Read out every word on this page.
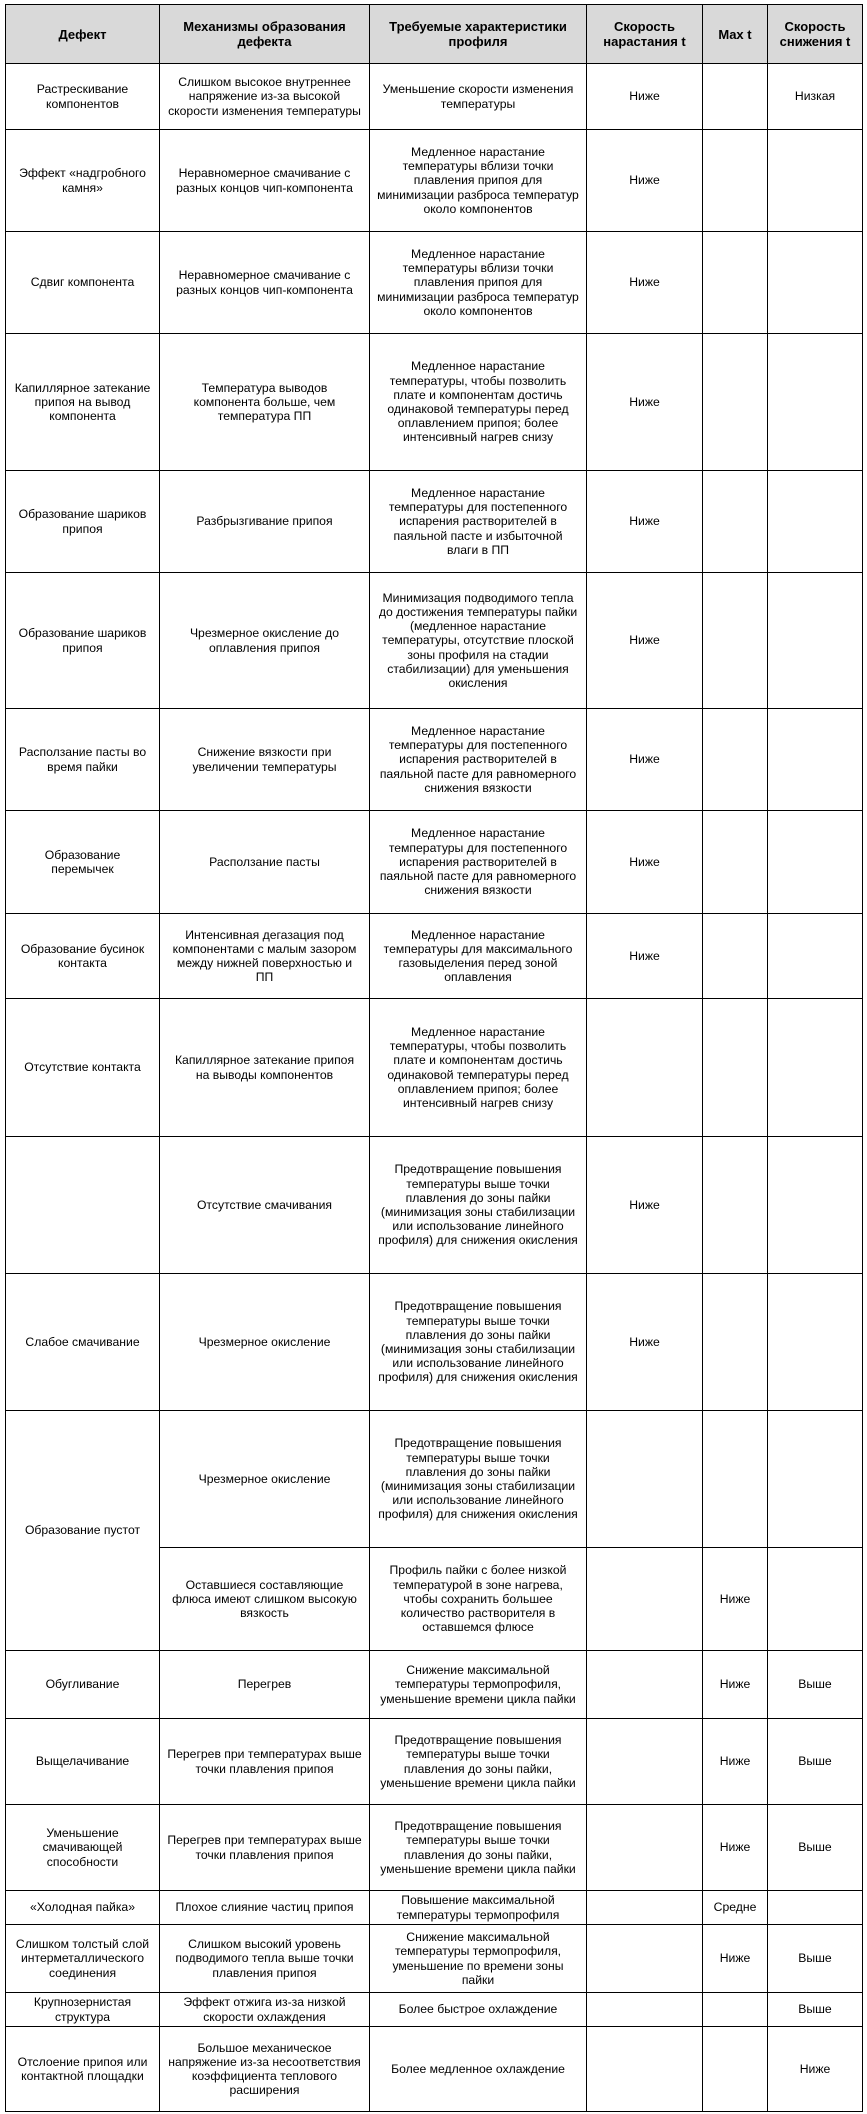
Дефект	Механизмы образования дефекта	Требуемые характеристики профиля	Скорость нарастания t	Max t	Скорость снижения t
Растрескивание компонентов	Слишком высокое внутреннее напряжение из-за высокой скорости изменения температуры	Уменьшение скорости изменения температуры	Ниже		Низкая
Эффект «надгробного камня»	Неравномерное смачивание с разных концов чип-компонента	Медленное нарастание температуры вблизи точки плавления припоя для минимизации разброса температур около компонентов	Ниже		
Сдвиг компонента	Неравномерное смачивание с разных концов чип-компонента	Медленное нарастание температуры вблизи точки плавления припоя для минимизации разброса температур около компонентов	Ниже		
Капиллярное затекание припоя на вывод компонента	Температура выводов компонента больше, чем температура ПП	Медленное нарастание температуры, чтобы позволить плате и компонентам достичь одинаковой температуры перед оплавлением припоя; более интенсивный нагрев снизу	Ниже		
Образование шариков припоя	Разбрызгивание припоя	Медленное нарастание температуры для постепенного испарения растворителей в паяльной пасте и избыточной влаги в ПП	Ниже		
Образование шариков припоя	Чрезмерное окисление до оплавления припоя	Минимизация подводимого тепла до достижения температуры пайки (медленное нарастание температуры, отсутствие плоской зоны профиля на стадии стабилизации) для уменьшения окисления	Ниже		
Расползание пасты во время пайки	Снижение вязкости при увеличении температуры	Медленное нарастание температуры для постепенного испарения растворителей в паяльной пасте для равномерного снижения вязкости	Ниже		
Образование перемычек	Расползание пасты	Медленное нарастание температуры для постепенного испарения растворителей в паяльной пасте для равномерного снижения вязкости	Ниже		
Образование бусинок контакта	Интенсивная дегазация под компонентами с малым зазором между нижней поверхностью и ПП	Медленное нарастание температуры для максимального газовыделения перед зоной оплавления	Ниже		
Отсутствие контакта	Капиллярное затекание припоя на выводы компонентов	Медленное нарастание температуры, чтобы позволить плате и компонентам достичь одинаковой температуры перед оплавлением припоя; более интенсивный нагрев снизу			
	Отсутствие смачивания	Предотвращение повышения температуры выше точки плавления до зоны пайки (минимизация зоны стабилизации или использование линейного профиля) для снижения окисления	Ниже		
Слабое смачивание	Чрезмерное окисление	Предотвращение повышения температуры выше точки плавления до зоны пайки (минимизация зоны стабилизации или использование линейного профиля) для снижения окисления	Ниже		
Образование пустот	Чрезмерное окисление	Предотвращение повышения температуры выше точки плавления до зоны пайки (минимизация зоны стабилизации или использование линейного профиля) для снижения окисления			
	Оставшиеся составляющие флюса имеют слишком высокую вязкость	Профиль пайки с более низкой температурой в зоне нагрева, чтобы сохранить большее количество растворителя в оставшемся флюсе		Ниже	
Обугливание	Перегрев	Снижение максимальной температуры термопрофиля, уменьшение времени цикла пайки		Ниже	Выше
Выщелачивание	Перегрев при температурах выше точки плавления припоя	Предотвращение повышения температуры выше точки плавления до зоны пайки, уменьшение времени цикла пайки		Ниже	Выше
Уменьшение смачивающей способности	Перегрев при температурах выше точки плавления припоя	Предотвращение повышения температуры выше точки плавления до зоны пайки, уменьшение времени цикла пайки		Ниже	Выше
«Холодная пайка»	Плохое слияние частиц припоя	Повышение максимальной температуры термопрофиля		Средне	
Слишком толстый слой интерметаллического соединения	Слишком высокий уровень подводимого тепла выше точки плавления припоя	Снижение максимальной температуры термопрофиля, уменьшение по времени зоны пайки		Ниже	Выше
Крупнозернистая структура	Эффект отжига из-за низкой скорости охлаждения	Более быстрое охлаждение			Выше
Отслоение припоя или контактной площадки	Большое механическое напряжение из-за несоответствия коэффициента теплового расширения	Более медленное охлаждение			Ниже
